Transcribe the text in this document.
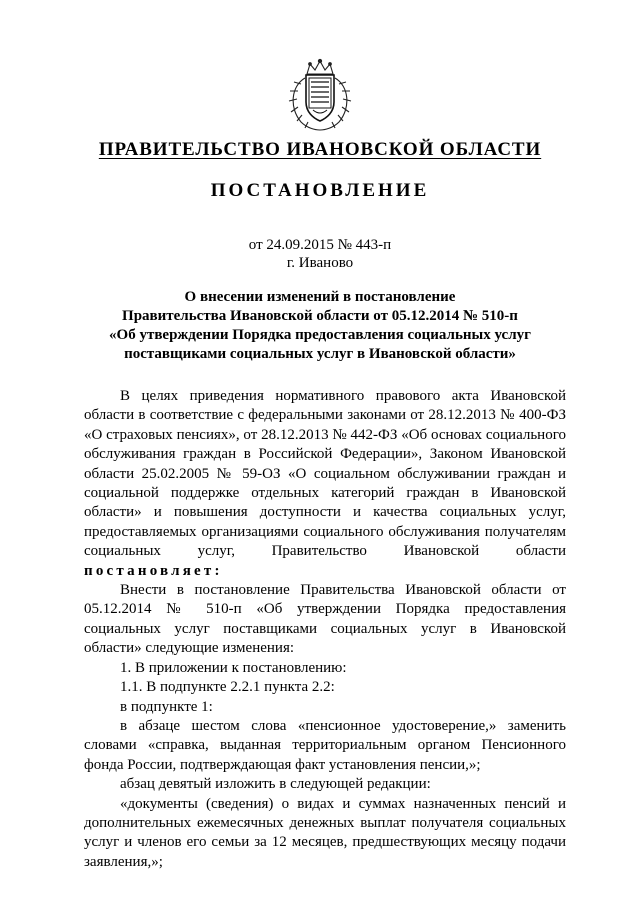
ПРАВИТЕЛЬСТВО ИВАНОВСКОЙ ОБЛАСТИ
ПОСТАНОВЛЕНИЕ
от 24.09.2015 № 443-п
г. Иваново
О внесении изменений в постановление
Правительства Ивановской области от 05.12.2014 № 510-п
«Об утверждении Порядка предоставления социальных услуг
поставщиками социальных услуг в Ивановской области»

В целях приведения нормативного правового акта Ивановской области в соответствие с федеральными законами от 28.12.2013 № 400-ФЗ «О страховых пенсиях», от 28.12.2013 № 442-ФЗ «Об основах социального обслуживания граждан в Российской Федерации», Законом Ивановской области 25.02.2005 № 59-ОЗ «О социальном обслуживании граждан и социальной поддержке отдельных категорий граждан в Ивановской области» и повышения доступности и качества социальных услуг, предоставляемых организациями социального обслуживания получателям социальных услуг, Правительство Ивановской области

постановляет:

Внести в постановление Правительства Ивановской области от 05.12.2014 № 510-п «Об утверждении Порядка предоставления социальных услуг поставщиками социальных услуг в Ивановской области» следующие изменения:

1. В приложении к постановлению:

1.1. В подпункте 2.2.1 пункта 2.2:

в подпункте 1:

в абзаце шестом слова «пенсионное удостоверение,» заменить словами «справка, выданная территориальным органом Пенсионного фонда России, подтверждающая факт установления пенсии,»;

абзац девятый изложить в следующей редакции:

«документы (сведения) о видах и суммах назначенных пенсий и дополнительных ежемесячных денежных выплат получателя социальных услуг и членов его семьи за 12 месяцев, предшествующих месяцу подачи заявления,»;
